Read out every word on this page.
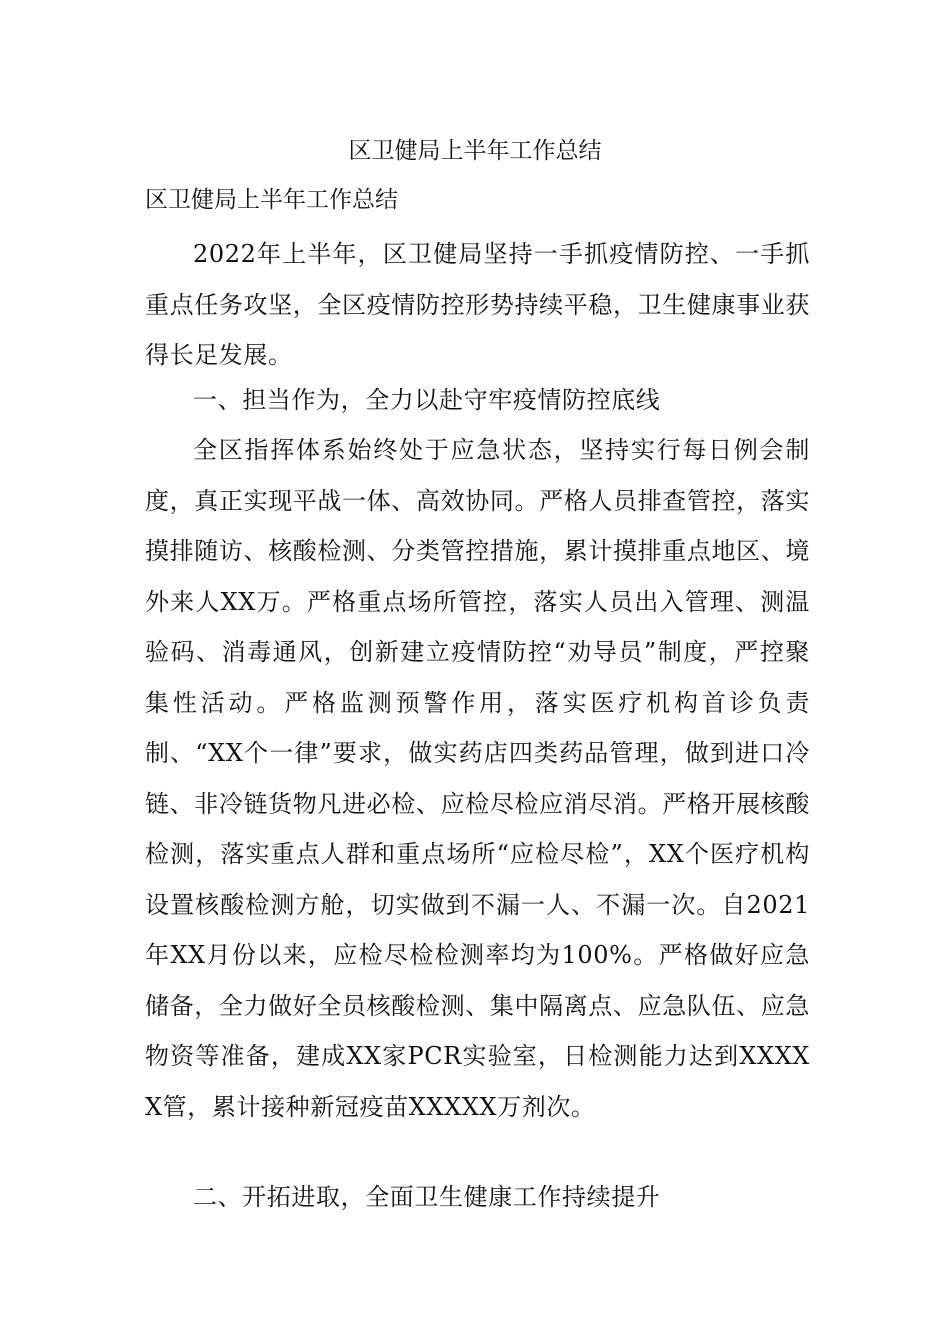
区卫健局上半年工作总结
区卫健局上半年工作总结

2022年上半年，区卫健局坚持一手抓疫情防控、一手抓重点任务攻坚，全区疫情防控形势持续平稳，卫生健康事业获得长足发展。

一、担当作为，全力以赴守牢疫情防控底线

全区指挥体系始终处于应急状态，坚持实行每日例会制度，真正实现平战一体、高效协同。严格人员排查管控，落实摸排随访、核酸检测、分类管控措施，累计摸排重点地区、境外来人XX万。严格重点场所管控，落实人员出入管理、测温验码、消毒通风，创新建立疫情防控“劝导员”制度，严控聚集性活动。严格监测预警作用，落实医疗机构首诊负责制、“XX个一律”要求，做实药店四类药品管理，做到进口冷链、非冷链货物凡进必检、应检尽检应消尽消。严格开展核酸检测，落实重点人群和重点场所“应检尽检”，XX个医疗机构设置核酸检测方舱，切实做到不漏一人、不漏一次。自2021年XX月份以来，应检尽检检测率均为100%。严格做好应急储备，全力做好全员核酸检测、集中隔离点、应急队伍、应急物资等准备，建成XX家PCR实验室，日检测能力达到XXXXX管，累计接种新冠疫苗XXXXX万剂次。

二、开拓进取，全面卫生健康工作持续提升
